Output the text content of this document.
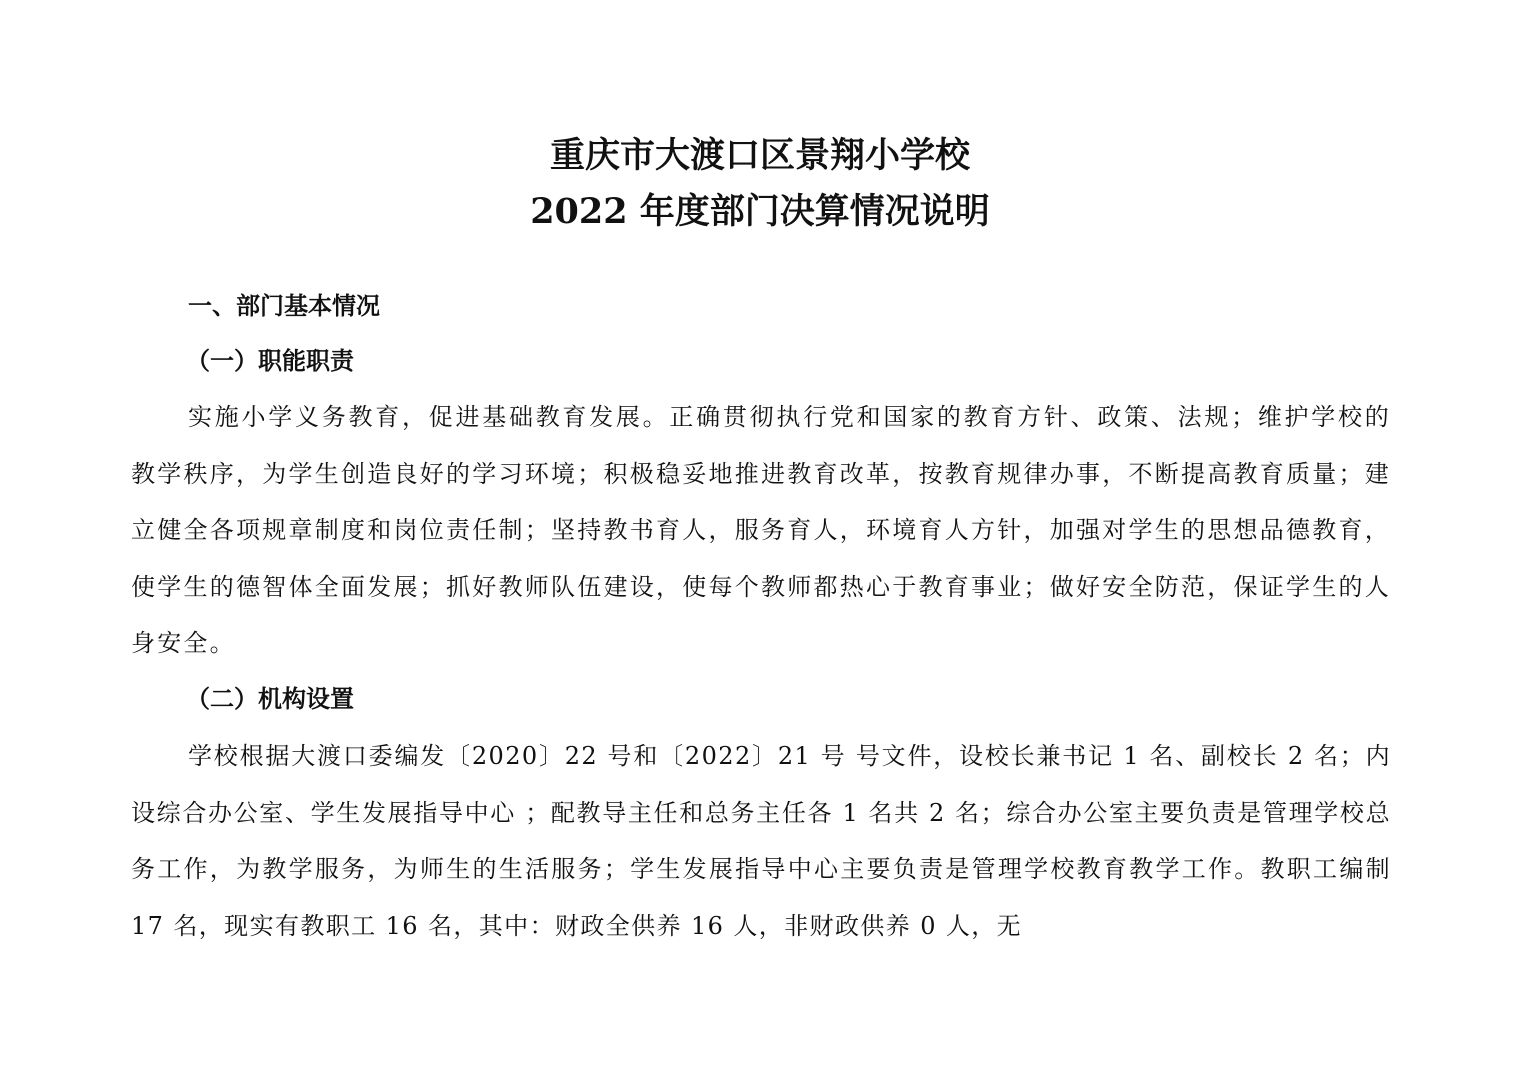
重庆市大渡口区景翔小学校
2022 年度部门决算情况说明
一、部门基本情况
（一）职能职责
实施小学义务教育，促进基础教育发展。正确贯彻执行党和国家的教育方针、政策、法规；维护学校的教学秩序，为学生创造良好的学习环境；积极稳妥地推进教育改革，按教育规律办事，不断提高教育质量；建立健全各项规章制度和岗位责任制；坚持教书育人，服务育人，环境育人方针，加强对学生的思想品德教育，使学生的德智体全面发展；抓好教师队伍建设，使每个教师都热心于教育事业；做好安全防范，保证学生的人身安全。
（二）机构设置
学校根据大渡口委编发〔2020〕22 号和〔2022〕21 号 号文件，设校长兼书记 1 名、副校长 2 名；内设综合办公室、学生发展指导中心 ；配教导主任和总务主任各 1 名共 2 名；综合办公室主要负责是管理学校总务工作，为教学服务，为师生的生活服务；学生发展指导中心主要负责是管理学校教育教学工作。教职工编制 17 名，现实有教职工 16 名，其中：财政全供养 16 人，非财政供养 0 人，无
